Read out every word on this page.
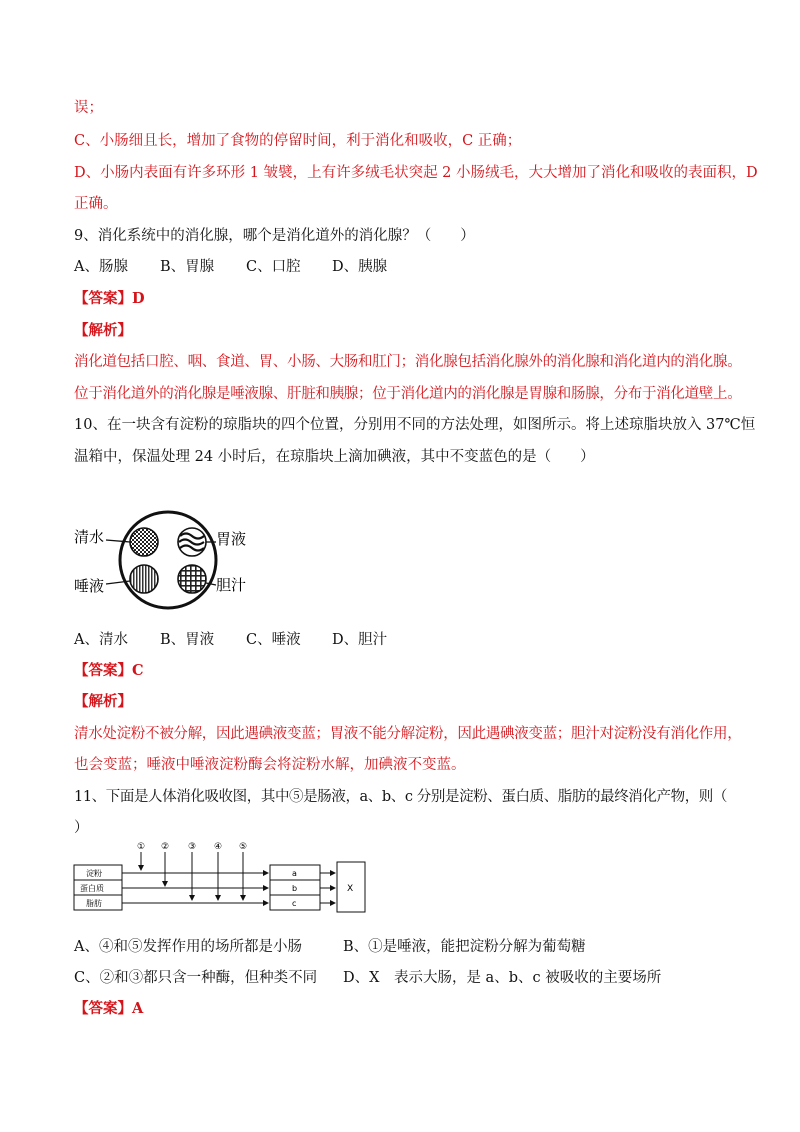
误；
C、小肠细且长，增加了食物的停留时间，利于消化和吸收，C 正确；
D、小肠内表面有许多环形 1 皱襞，上有许多绒毛状突起 2 小肠绒毛，大大增加了消化和吸收的表面积，D
正确。
9、消化系统中的消化腺，哪个是消化道外的消化腺？（　　）
A、肠腺 B、胃腺 C、口腔 D、胰腺
【答案】D
【解析】
消化道包括口腔、咽、食道、胃、小肠、大肠和肛门；消化腺包括消化腺外的消化腺和消化道内的消化腺。
位于消化道外的消化腺是唾液腺、肝脏和胰腺；位于消化道内的消化腺是胃腺和肠腺，分布于消化道壁上。
10、在一块含有淀粉的琼脂块的四个位置，分别用不同的方法处理，如图所示。将上述琼脂块放入 37℃恒
温箱中，保温处理 24 小时后，在琼脂块上滴加碘液，其中不变蓝色的是（　　）
清水	胃液
唾液	胆汁
A、清水 B、胃液 C、唾液 D、胆汁
【答案】C
【解析】
清水处淀粉不被分解，因此遇碘液变蓝；胃液不能分解淀粉，因此遇碘液变蓝；胆汁对淀粉没有消化作用，
也会变蓝；唾液中唾液淀粉酶会将淀粉水解，加碘液不变蓝。
11、下面是人体消化吸收图，其中⑤是肠液，a、b、c 分别是淀粉、蛋白质、脂肪的最终消化产物，则（
）
① ② ③ ④ ⑤
淀粉
蛋白质
脂肪
a
b
c
X
A、④和⑤发挥作用的场所都是小肠	B、①是唾液，能把淀粉分解为葡萄糖
C、②和③都只含一种酶，但种类不同 D、X　表示大肠，是 a、b、c 被吸收的主要场所
【答案】A
